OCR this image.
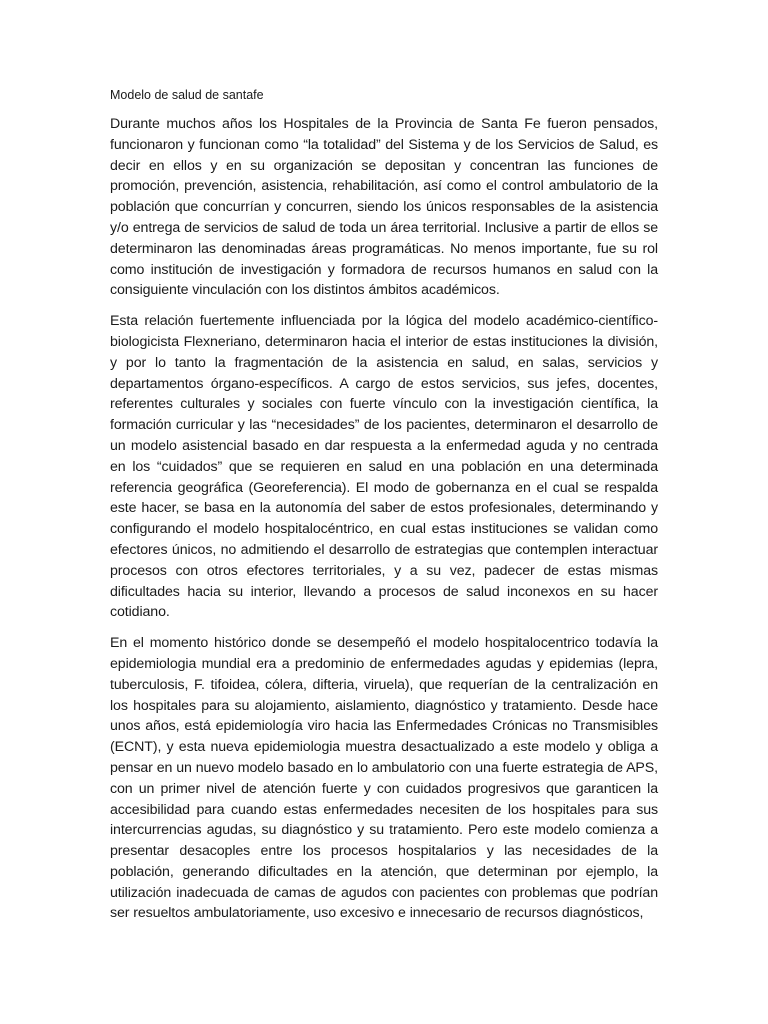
Modelo de salud de santafe

Durante muchos años los Hospitales de la Provincia de Santa Fe fueron pensados, funcionaron y funcionan como “la totalidad” del Sistema y de los Servicios de Salud, es decir en ellos y en su organización se depositan y concentran las funciones de promoción, prevención, asistencia, rehabilitación, así como el control ambulatorio de la población que concurrían y concurren, siendo los únicos responsables de la asistencia y/o entrega de servicios de salud de toda un área territorial. Inclusive a partir de ellos se determinaron las denominadas áreas programáticas. No menos importante, fue su rol como institución de investigación y formadora de recursos humanos en salud con la consiguiente vinculación con los distintos ámbitos académicos.

Esta relación fuertemente influenciada por la lógica del modelo académico-científico-biologicista Flexneriano, determinaron hacia el interior de estas instituciones la división, y por lo tanto la fragmentación de la asistencia en salud, en salas, servicios y departamentos órgano-específicos. A cargo de estos servicios, sus jefes, docentes, referentes culturales y sociales con fuerte vínculo con la investigación científica, la formación curricular y las “necesidades” de los pacientes, determinaron el desarrollo de un modelo asistencial basado en dar respuesta a la enfermedad aguda y no centrada en los “cuidados” que se requieren en salud en una población en una determinada referencia geográfica (Georeferencia). El modo de gobernanza en el cual se respalda este hacer, se basa en la autonomía del saber de estos profesionales, determinando y configurando el modelo hospitalocéntrico, en cual estas instituciones se validan como efectores únicos, no admitiendo el desarrollo de estrategias que contemplen interactuar procesos con otros efectores territoriales, y a su vez, padecer de estas mismas dificultades hacia su interior, llevando a procesos de salud inconexos en su hacer cotidiano.

En el momento histórico donde se desempeñó el modelo hospitalocentrico todavía la epidemiologia mundial era a predominio de enfermedades agudas y epidemias (lepra, tuberculosis, F. tifoidea, cólera, difteria, viruela), que requerían de la centralización en los hospitales para su alojamiento, aislamiento, diagnóstico y tratamiento. Desde hace unos años, está epidemiología viro hacia las Enfermedades Crónicas no Transmisibles (ECNT), y esta nueva epidemiologia muestra desactualizado a este modelo y obliga a pensar en un nuevo modelo basado en lo ambulatorio con una fuerte estrategia de APS, con un primer nivel de atención fuerte y con cuidados progresivos que garanticen la accesibilidad para cuando estas enfermedades necesiten de los hospitales para sus intercurrencias agudas, su diagnóstico y su tratamiento. Pero este modelo comienza a presentar desacoples entre los procesos hospitalarios y las necesidades de la población, generando dificultades en la atención, que determinan por ejemplo, la utilización inadecuada de camas de agudos con pacientes con problemas que podrían ser resueltos ambulatoriamente, uso excesivo e innecesario de recursos diagnósticos,
